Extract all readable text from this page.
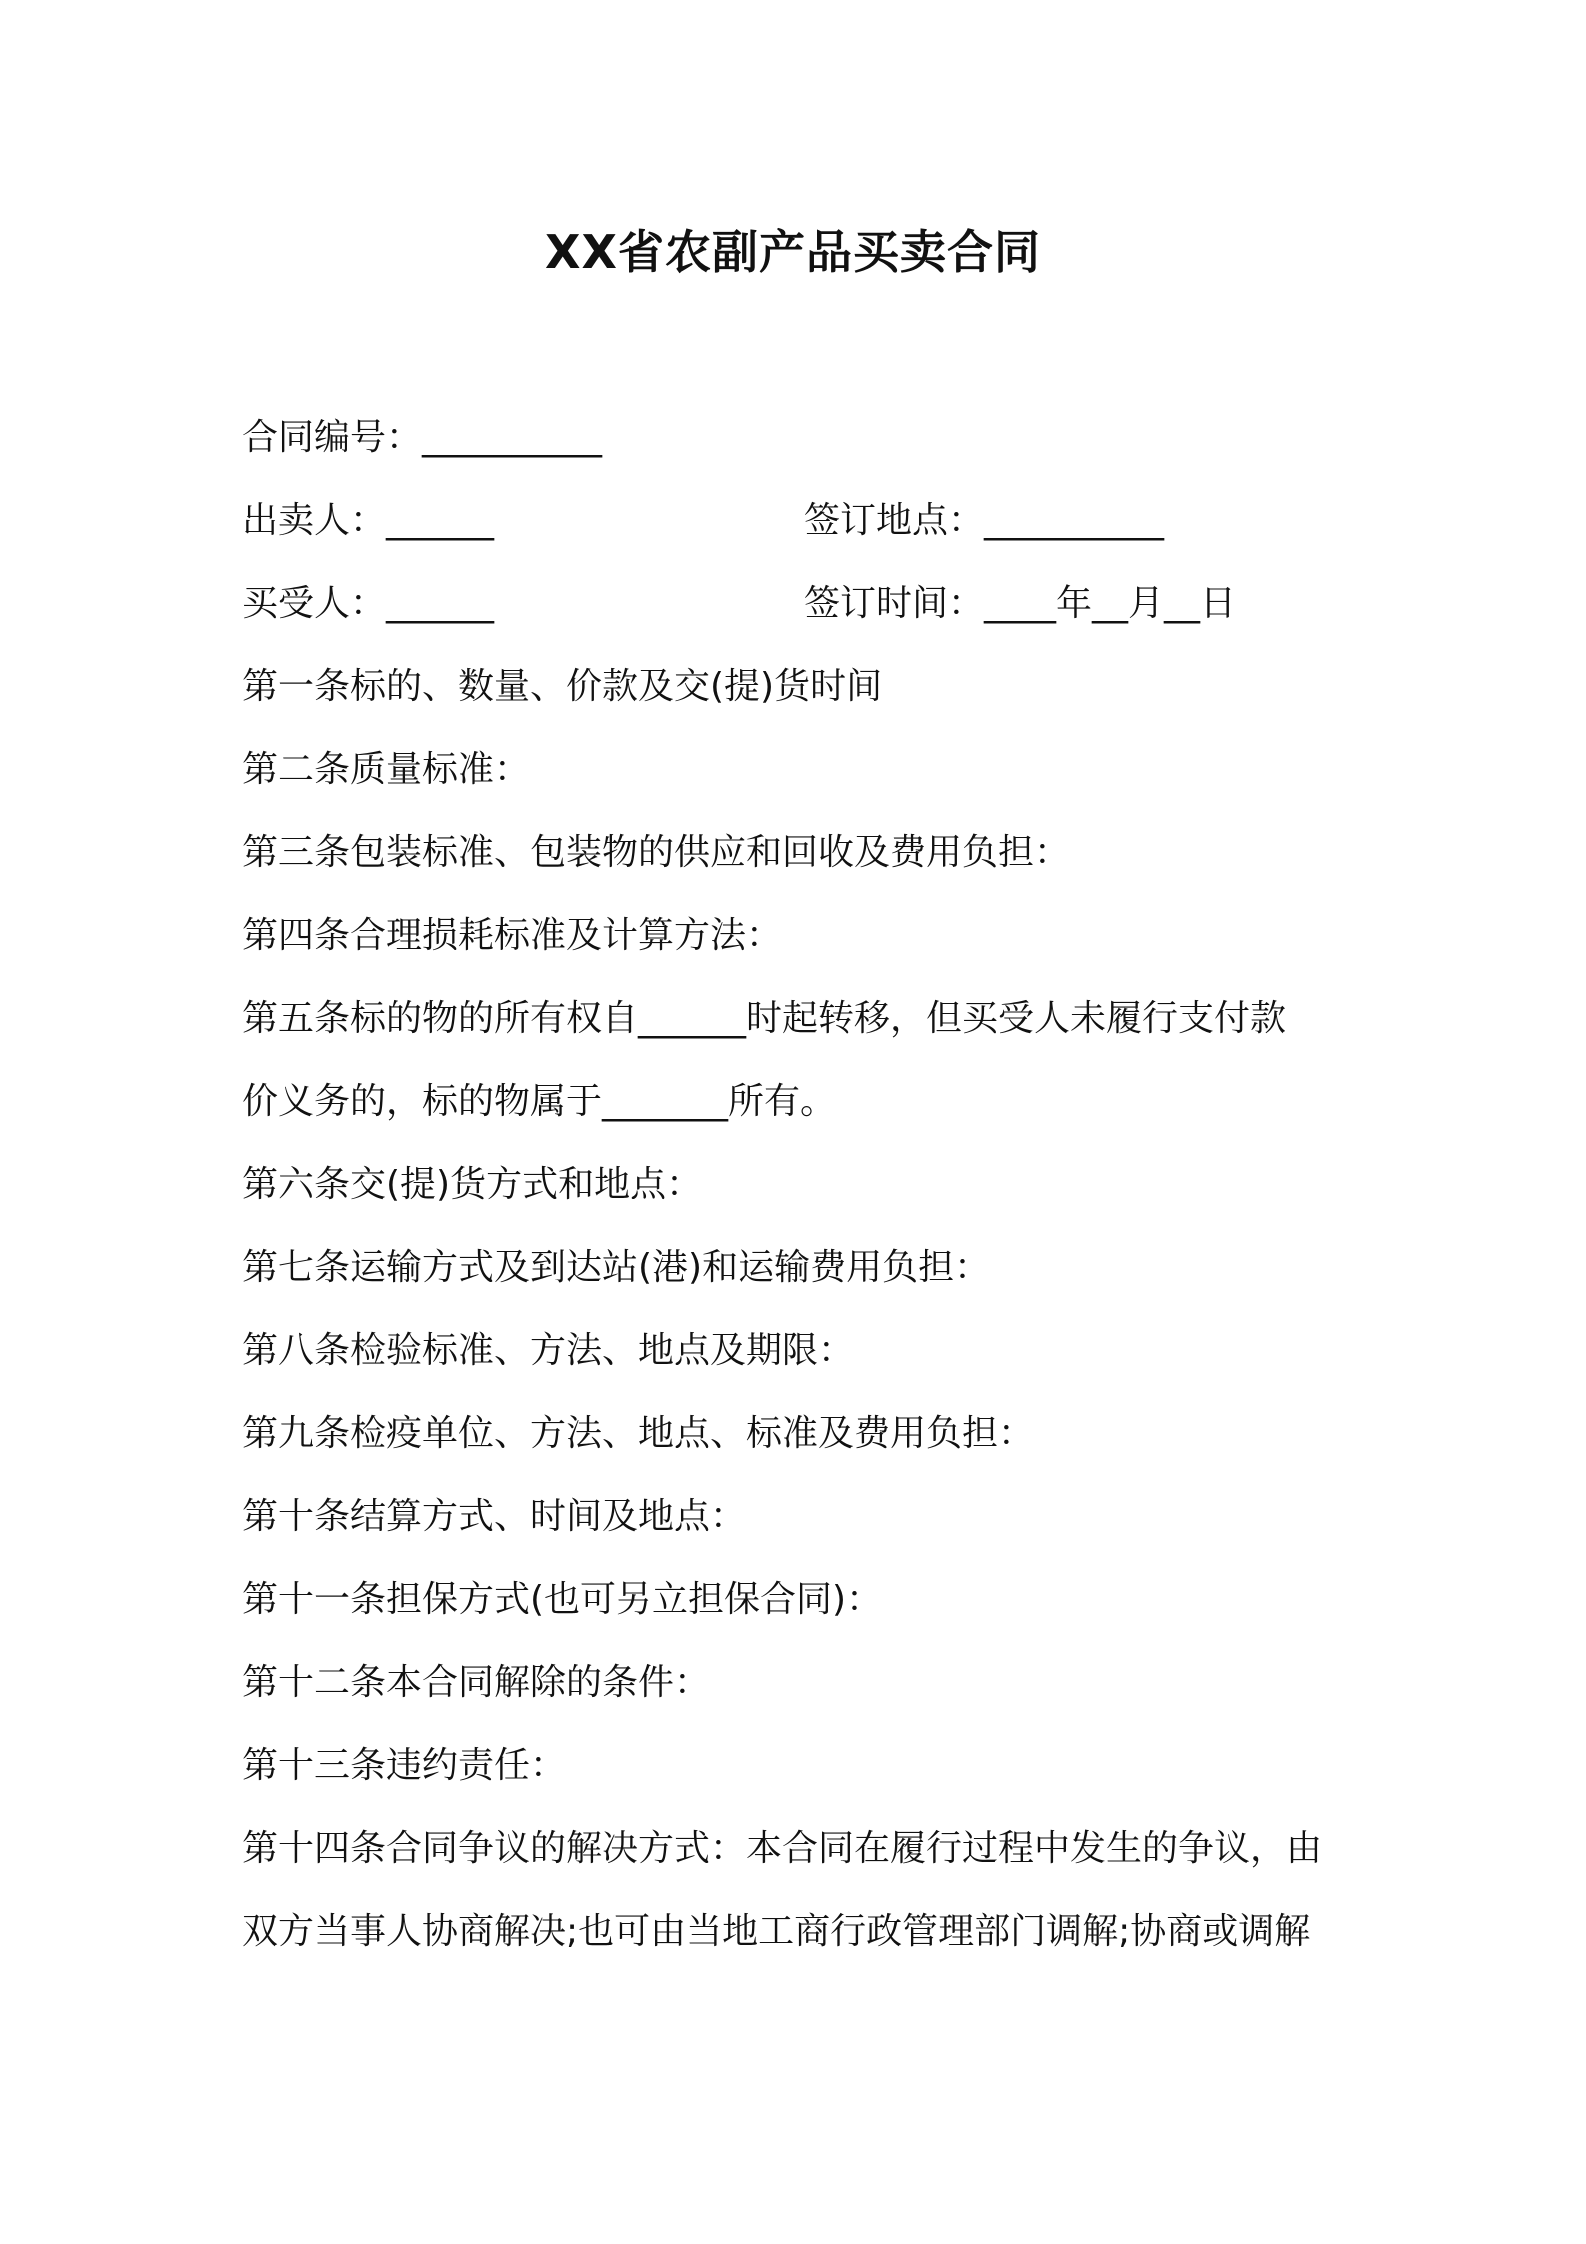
XX省农副产品买卖合同
合同编号：__________
出卖人：______	签订地点：__________
买受人：______	签订时间：____年__月__日
第一条标的、数量、价款及交(提)货时间
第二条质量标准：
第三条包装标准、包装物的供应和回收及费用负担：
第四条合理损耗标准及计算方法：
第五条标的物的所有权自______时起转移，但买受人未履行支付款
价义务的，标的物属于_______所有。
第六条交(提)货方式和地点：
第七条运输方式及到达站(港)和运输费用负担：
第八条检验标准、方法、地点及期限：
第九条检疫单位、方法、地点、标准及费用负担：
第十条结算方式、时间及地点：
第十一条担保方式(也可另立担保合同)：
第十二条本合同解除的条件：
第十三条违约责任：
第十四条合同争议的解决方式：本合同在履行过程中发生的争议，由
双方当事人协商解决;也可由当地工商行政管理部门调解;协商或调解
